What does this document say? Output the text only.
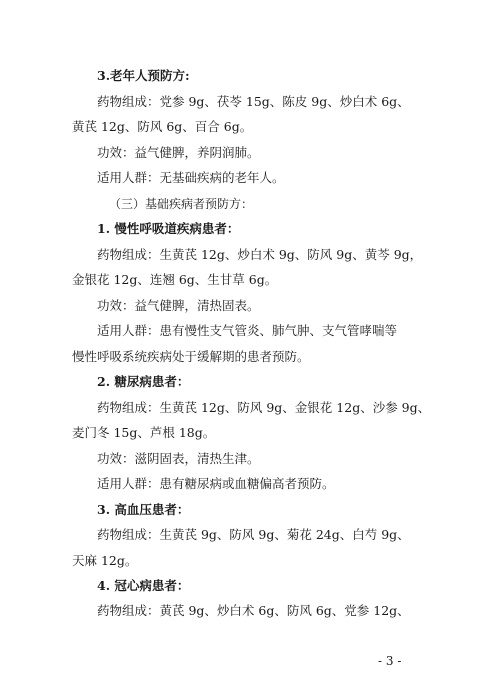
3.老年人预防方:
药物组成：党参 9g、茯苓 15g、陈皮 9g、炒白术 6g、
黄芪 12g、防风 6g、百合 6g。
功效：益气健脾，养阴润肺。
适用人群：无基础疾病的老年人。
（三）基础疾病者预防方：
1. 慢性呼吸道疾病患者：
药物组成：生黄芪 12g、炒白术 9g、防风 9g、黄芩 9g，
金银花 12g、连翘 6g、生甘草 6g。
功效：益气健脾，清热固表。
适用人群：患有慢性支气管炎、肺气肿、支气管哮喘等
慢性呼吸系统疾病处于缓解期的患者预防。
2. 糖尿病患者：
药物组成：生黄芪 12g、防风 9g、金银花 12g、沙参 9g、
麦门冬 15g、芦根 18g。
功效：滋阴固表，清热生津。
适用人群：患有糖尿病或血糖偏高者预防。
3. 高血压患者：
药物组成：生黄芪 9g、防风 9g、菊花 24g、白芍 9g、
天麻 12g。
4. 冠心病患者：
药物组成：黄芪 9g、炒白术 6g、防风 6g、党参 12g、
- 3 -
